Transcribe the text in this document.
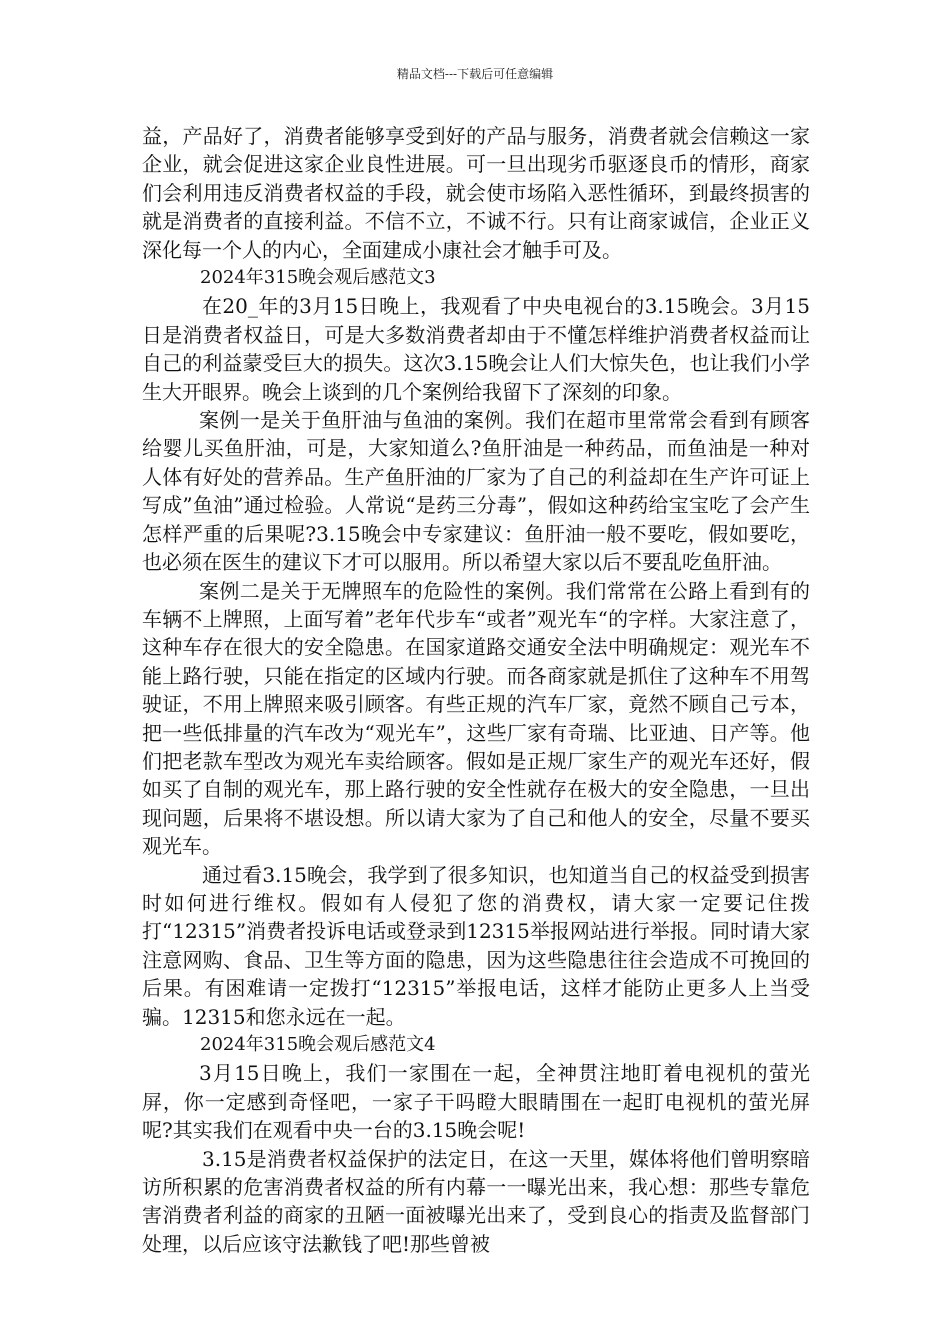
精品文档---下载后可任意编辑

益，产品好了，消费者能够享受到好的产品与服务，消费者就会信赖这一家企业，就会促进这家企业良性进展。可一旦出现劣币驱逐良币的情形，商家们会利用违反消费者权益的手段，就会使市场陷入恶性循环，到最终损害的就是消费者的直接利益。不信不立，不诚不行。只有让商家诚信，企业正义深化每一个人的内心，全面建成小康社会才触手可及。

2024年315晚会观后感范文3

在20_年的3月15日晚上，我观看了中央电视台的3.15晚会。3月15日是消费者权益日，可是大多数消费者却由于不懂怎样维护消费者权益而让自己的利益蒙受巨大的损失。这次3.15晚会让人们大惊失色，也让我们小学生大开眼界。晚会上谈到的几个案例给我留下了深刻的印象。

案例一是关于鱼肝油与鱼油的案例。我们在超市里常常会看到有顾客给婴儿买鱼肝油，可是，大家知道么?鱼肝油是一种药品，而鱼油是一种对人体有好处的营养品。生产鱼肝油的厂家为了自己的利益却在生产许可证上写成”鱼油”通过检验。人常说“是药三分毒”，假如这种药给宝宝吃了会产生怎样严重的后果呢?3.15晚会中专家建议：鱼肝油一般不要吃，假如要吃，也必须在医生的建议下才可以服用。所以希望大家以后不要乱吃鱼肝油。

案例二是关于无牌照车的危险性的案例。我们常常在公路上看到有的车辆不上牌照，上面写着”老年代步车“或者”观光车“的字样。大家注意了，这种车存在很大的安全隐患。在国家道路交通安全法中明确规定：观光车不能上路行驶，只能在指定的区域内行驶。而各商家就是抓住了这种车不用驾驶证，不用上牌照来吸引顾客。有些正规的汽车厂家，竟然不顾自己亏本，把一些低排量的汽车改为“观光车”，这些厂家有奇瑞、比亚迪、日产等。他们把老款车型改为观光车卖给顾客。假如是正规厂家生产的观光车还好，假如买了自制的观光车，那上路行驶的安全性就存在极大的安全隐患，一旦出现问题，后果将不堪设想。所以请大家为了自己和他人的安全，尽量不要买观光车。

通过看3.15晚会，我学到了很多知识，也知道当自己的权益受到损害时如何进行维权。假如有人侵犯了您的消费权，请大家一定要记住拨打“12315”消费者投诉电话或登录到12315举报网站进行举报。同时请大家注意网购、食品、卫生等方面的隐患，因为这些隐患往往会造成不可挽回的后果。有困难请一定拨打“12315”举报电话，这样才能防止更多人上当受骗。12315和您永远在一起。

2024年315晚会观后感范文4

3月15日晚上，我们一家围在一起，全神贯注地盯着电视机的萤光屏，你一定感到奇怪吧，一家子干吗瞪大眼睛围在一起盯电视机的萤光屏呢?其实我们在观看中央一台的3.15晚会呢!

3.15是消费者权益保护的法定日，在这一天里，媒体将他们曾明察暗访所积累的危害消费者权益的所有内幕一一曝光出来，我心想：那些专靠危害消费者利益的商家的丑陋一面被曝光出来了，受到良心的指责及监督部门处理，以后应该守法歉钱了吧!那些曾被
